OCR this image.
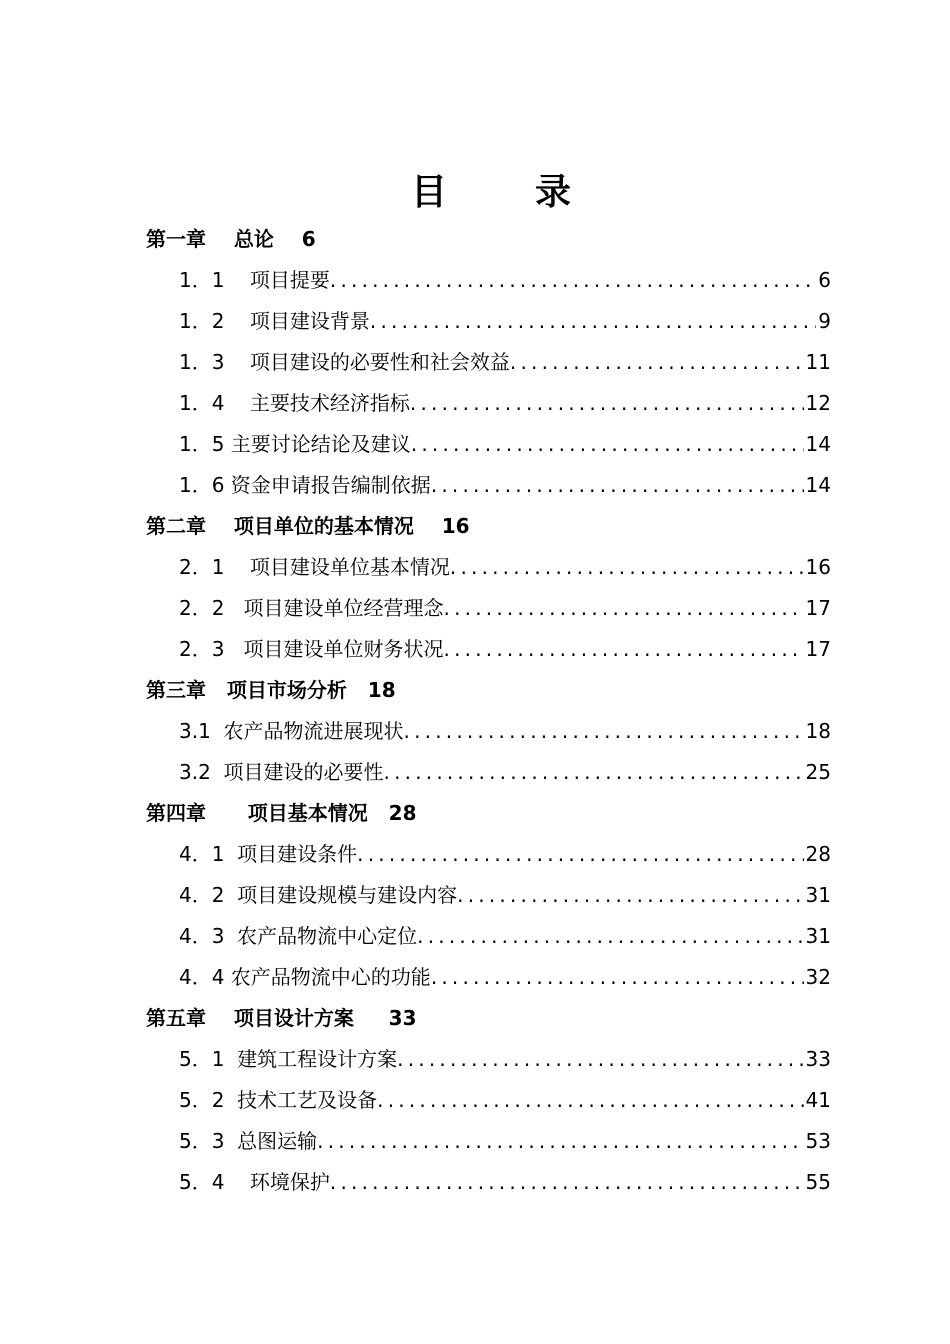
目 录
第一章    总论    6
1．1    项目提要 .....	6
1．2    项目建设背景 .....	9
1．3    项目建设的必要性和社会效益 .....	11
1．4    主要技术经济指标 .....	12
1．5 主要讨论结论及建议 .....	14
1．6 资金申请报告编制依据 .....	14
第二章    项目单位的基本情况    16
2．1    项目建设单位基本情况 .....	16
2．2   项目建设单位经营理念 .....	17
2．3   项目建设单位财务状况 .....	17
第三章   项目市场分析   18
3.1  农产品物流进展现状 .....	18
3.2  项目建设的必要性 .....	25
第四章      项目基本情况   28
4．1  项目建设条件 .....	28
4．2  项目建设规模与建设内容 .....	31
4．3  农产品物流中心定位 .....	31
4．4 农产品物流中心的功能 .....	32
第五章    项目设计方案     33
5．1  建筑工程设计方案 .....	33
5．2  技术工艺及设备 .....	41
5．3  总图运输 .....	53
5．4    环境保护 .....	55
